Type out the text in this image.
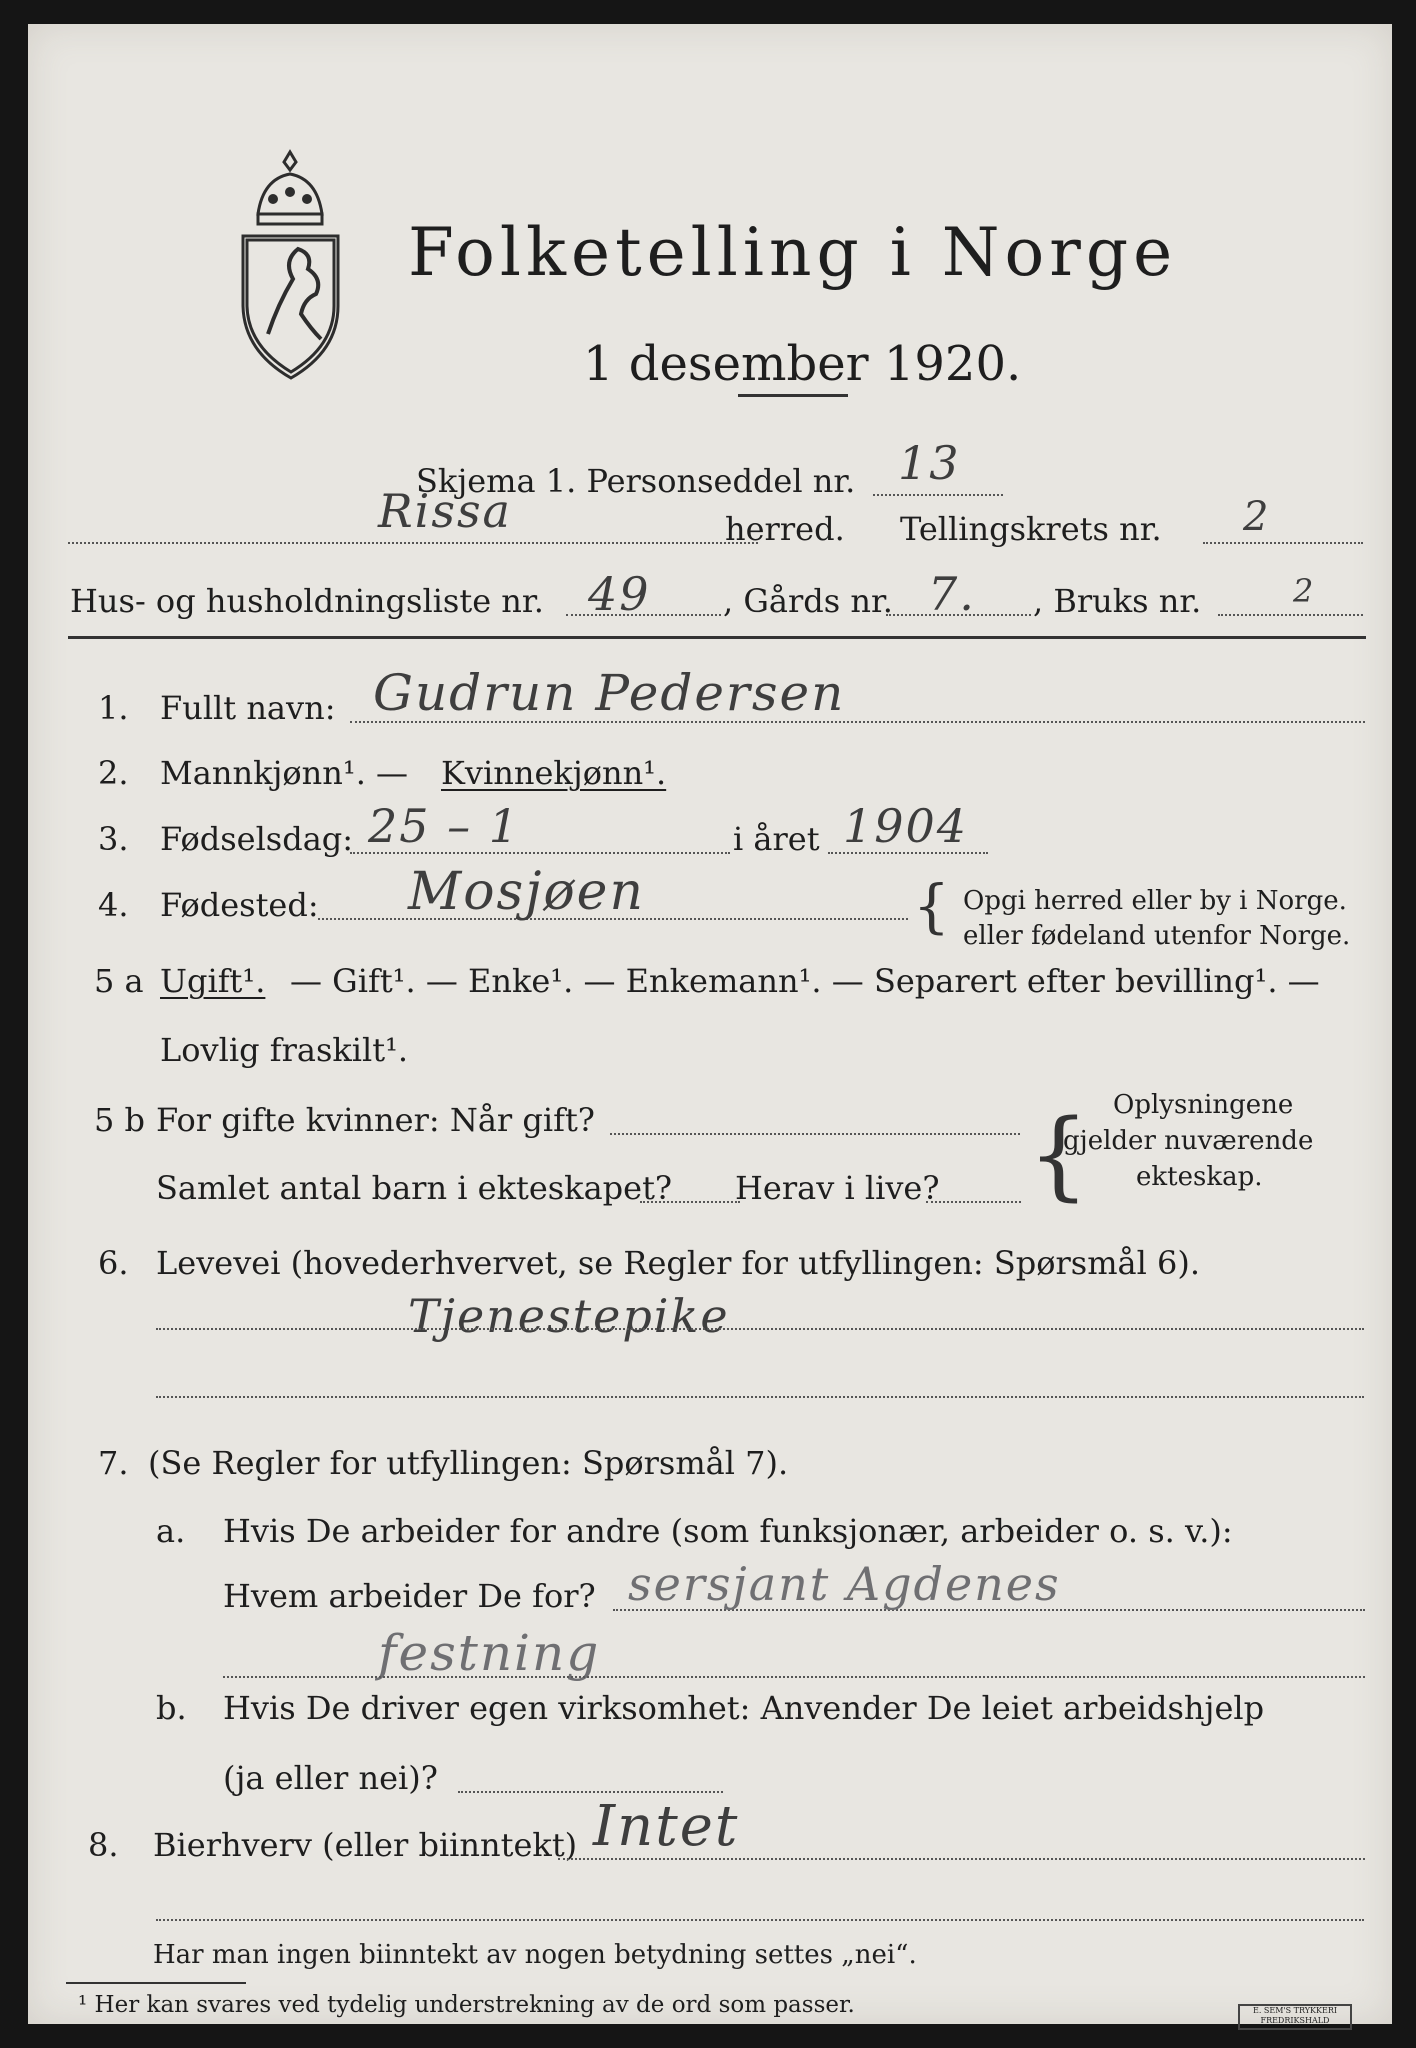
Folketelling i Norge
1 desember 1920.
Skjema 1. Personseddel nr. 13
Rissa	herred. Tellingskrets nr. 2
Hus- og husholdningsliste nr. 49 , Gårds nr. 7. , Bruks nr.	2
1. Fullt navn: Gudrun Pedersen
2. Mannkjønn¹. — Kvinnekjønn¹.
3. Fødselsdag: 25 – 1	i året 1904
4. Fødested: Mosjøen	{ Opgi herred eller by i Norge.
eller fødeland utenfor Norge.
5 a Ugift¹. — Gift¹. — Enke¹. — Enkemann¹. — Separert efter bevilling¹. —
Lovlig fraskilt¹.
5 b For gifte kvinner: Når gift?
Samlet antal barn i ekteskapet? Herav i live? { Oplysningene
gjelder nuværende
ekteskap.
6. Levevei (hovederhvervet, se Regler for utfyllingen: Spørsmål 6).
Tjenestepike
7. (Se Regler for utfyllingen: Spørsmål 7).
a. Hvis De arbeider for andre (som funksjonær, arbeider o. s. v.):
Hvem arbeider De for? sersjant Agdenes
festning
b. Hvis De driver egen virksomhet: Anvender De leiet arbeidshjelp
(ja eller nei)?
8. Bierhverv (eller biinntekt) Intet
Har man ingen biinntekt av nogen betydning settes „nei“.
¹ Her kan svares ved tydelig understrekning av de ord som passer.	E. SEM'S TRYKKERI FREDRIKSHALD
